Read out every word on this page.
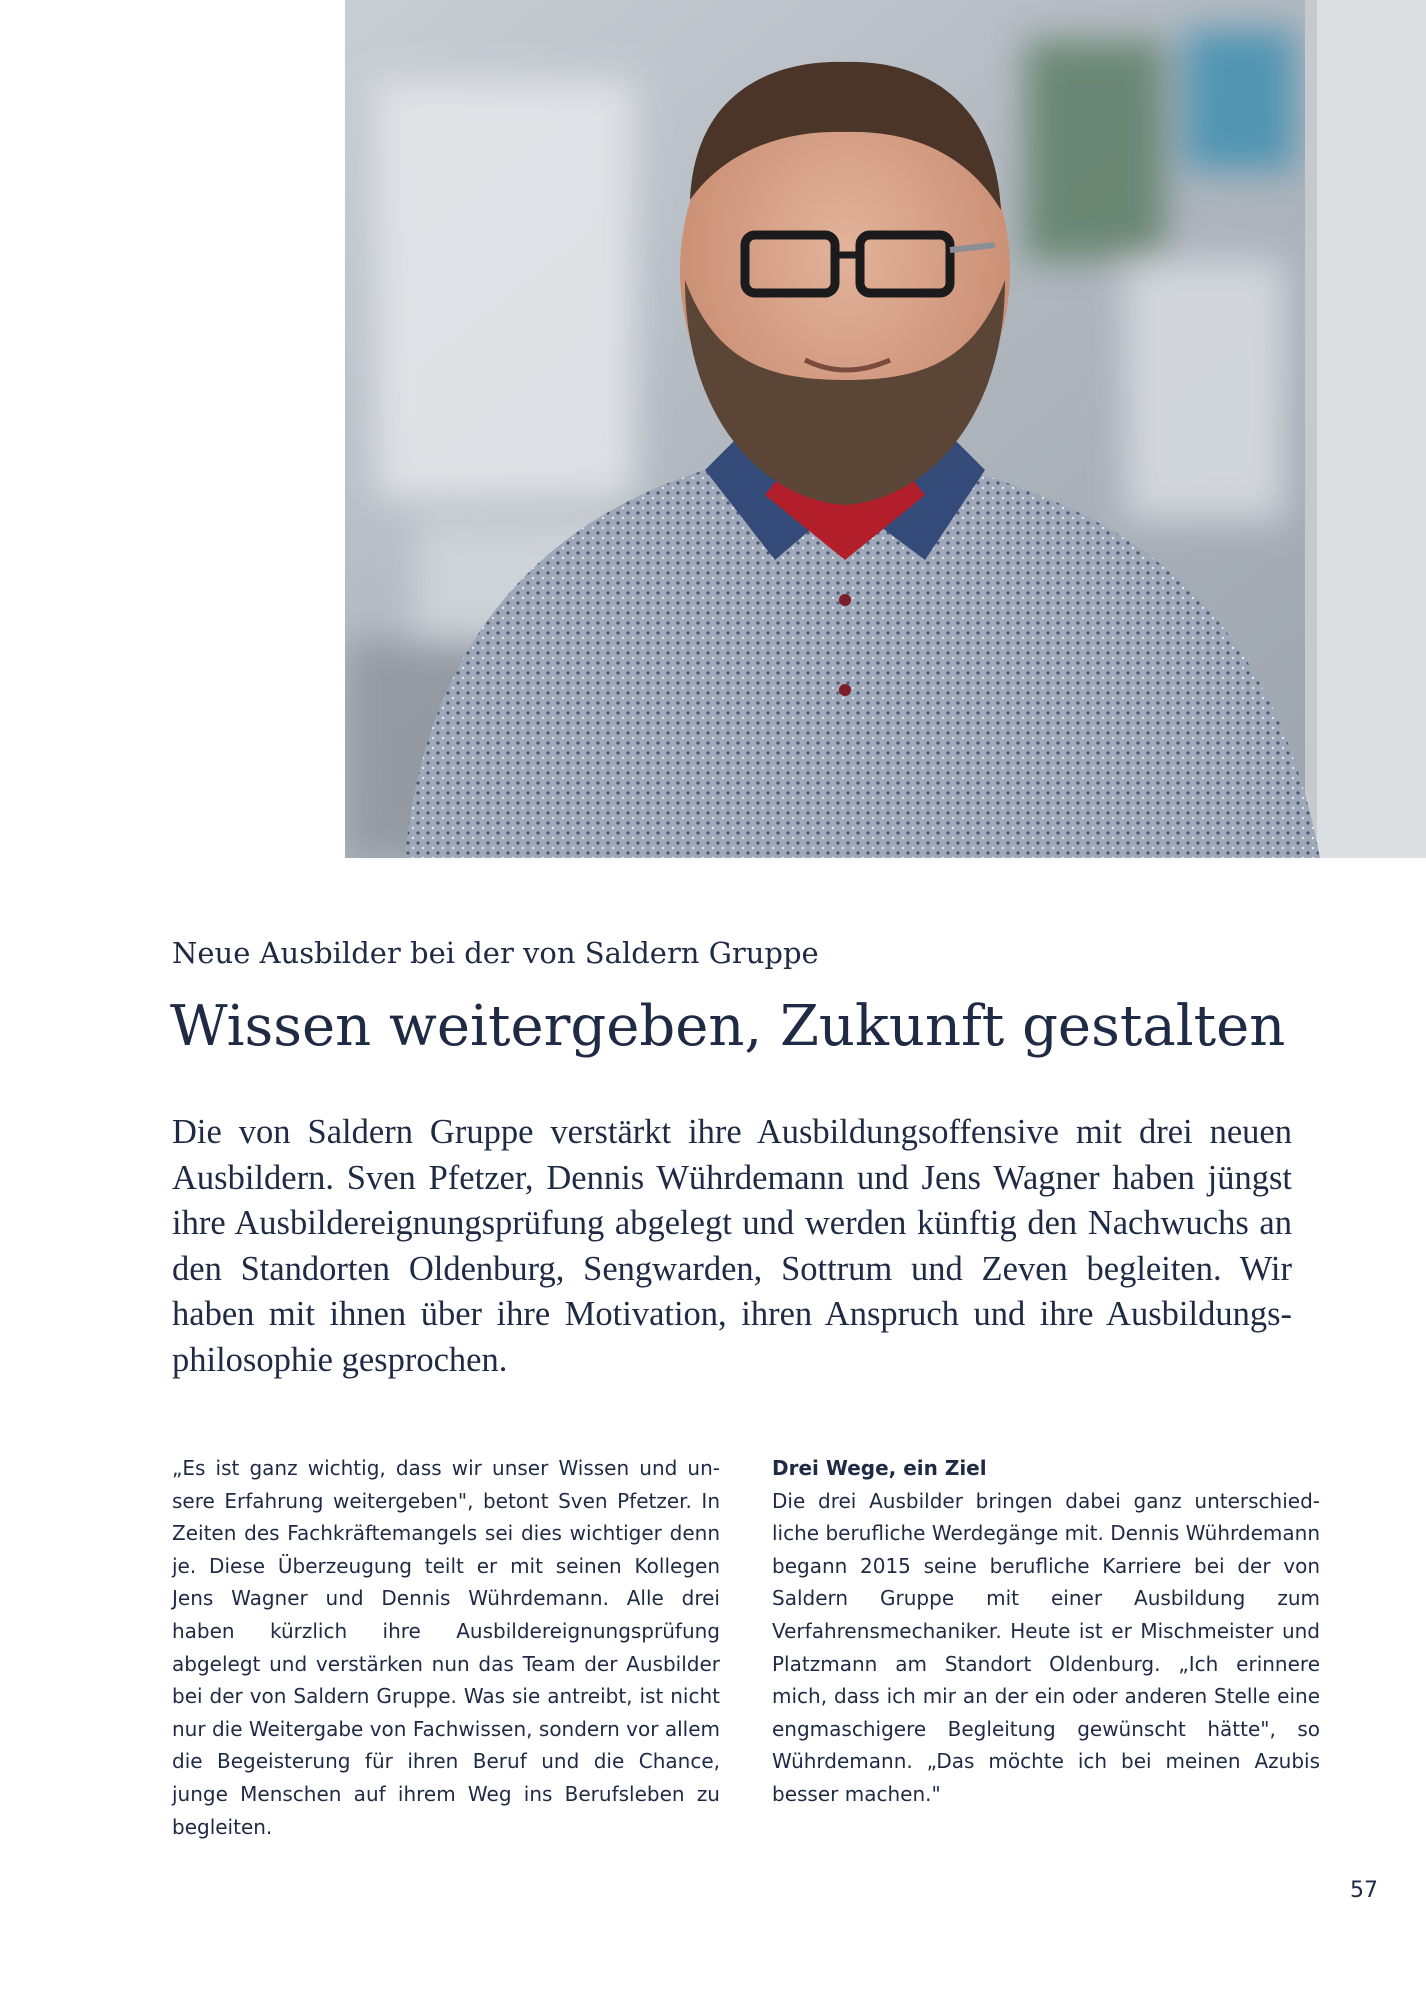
Neue Ausbilder bei der von Saldern Gruppe
Wissen weitergeben, Zukunft gestalten

Die von Saldern Gruppe verstärkt ihre Ausbildungsoffensive mit drei neuen Ausbildern. Sven Pfetzer, Dennis Wührdemann und Jens Wagner haben jüngst ihre Ausbildereignungsprüfung abgelegt und werden künftig den Nachwuchs an den Standorten Oldenburg, Sengwarden, Sottrum und Zeven begleiten. Wir haben mit ihnen über ihre Motivation, ihren Anspruch und ihre Ausbildungsphilosophie gesprochen.

„Es ist ganz wichtig, dass wir unser Wissen und unsere Erfahrung weitergeben", betont Sven Pfetzer. In Zeiten des Fachkräftemangels sei dies wichtiger denn je. Diese Überzeugung teilt er mit seinen Kollegen Jens Wagner und Dennis Wührdemann. Alle drei haben kürzlich ihre Ausbildereignungsprüfung abgelegt und verstärken nun das Team der Ausbilder bei der von Saldern Gruppe. Was sie antreibt, ist nicht nur die Weitergabe von Fachwissen, sondern vor allem die Begeisterung für ihren Beruf und die Chance, junge Menschen auf ihrem Weg ins Berufsleben zu begleiten.

Drei Wege, ein Ziel

Die drei Ausbilder bringen dabei ganz unterschiedliche berufliche Werdegänge mit. Dennis Wührdemann begann 2015 seine berufliche Karriere bei der von Saldern Gruppe mit einer Ausbildung zum Verfahrensmechaniker. Heute ist er Mischmeister und Platzmann am Standort Oldenburg. „Ich erinnere mich, dass ich mir an der ein oder anderen Stelle eine engmaschigere Begleitung gewünscht hätte", so Wührdemann. „Das möchte ich bei meinen Azubis besser machen."

57
